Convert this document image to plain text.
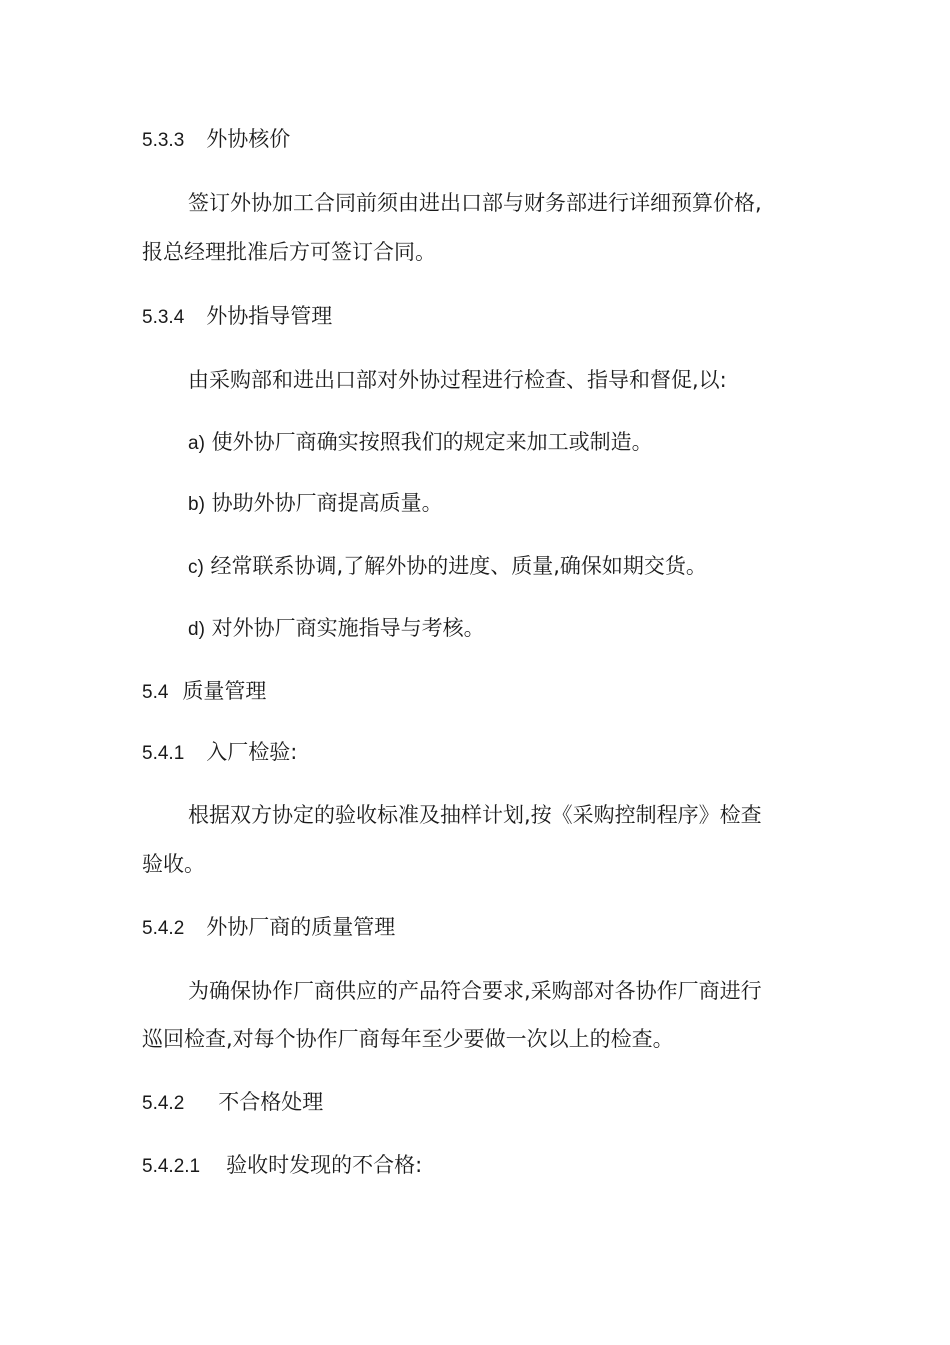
5.3.3 外协核价
签订外协加工合同前须由进出口部与财务部进行详细预算价格,
报总经理批准后方可签订合同。
5.3.4 外协指导管理
由采购部和进出口部对外协过程进行检查、指导和督促,以:
a) 使外协厂商确实按照我们的规定来加工或制造。
b) 协助外协厂商提高质量。
c) 经常联系协调,了解外协的进度、质量,确保如期交货。
d) 对外协厂商实施指导与考核。
5.4 质量管理
5.4.1 入厂检验:
根据双方协定的验收标准及抽样计划,按《采购控制程序》检查
验收。
5.4.2 外协厂商的质量管理
为确保协作厂商供应的产品符合要求,采购部对各协作厂商进行
巡回检查,对每个协作厂商每年至少要做一次以上的检查。
5.4.2 不合格处理
5.4.2.1 验收时发现的不合格:
